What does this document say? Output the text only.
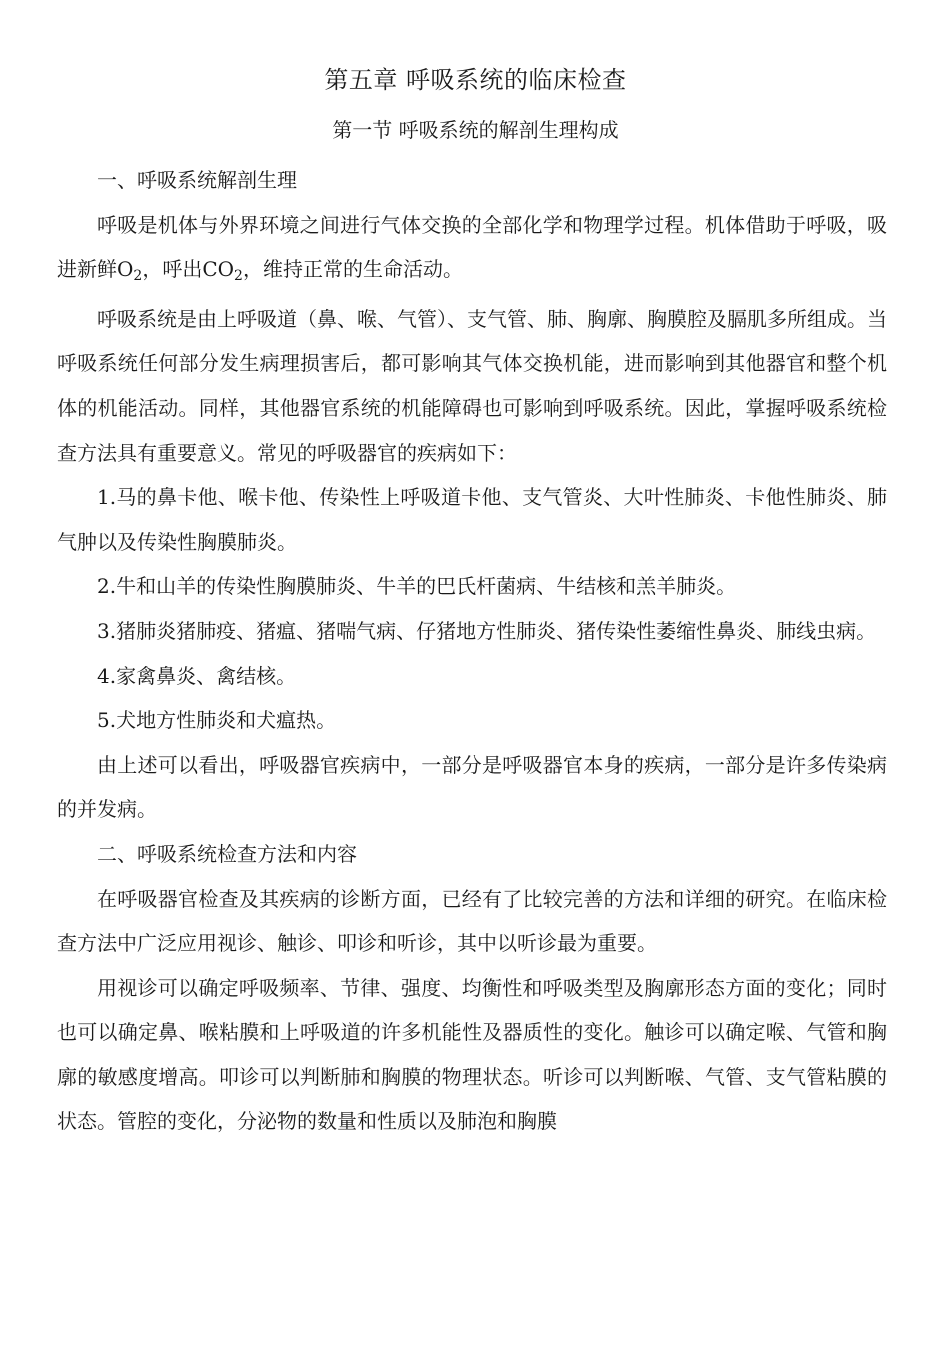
第五章 呼吸系统的临床检查
第一节 呼吸系统的解剖生理构成

一、呼吸系统解剖生理

呼吸是机体与外界环境之间进行气体交换的全部化学和物理学过程。机体借助于呼吸，吸进新鲜$O_2$，呼出$CO_2$，维持正常的生命活动。

呼吸系统是由上呼吸道（鼻、喉、气管）、支气管、肺、胸廓、胸膜腔及膈肌多所组成。当呼吸系统任何部分发生病理损害后，都可影响其气体交换机能，进而影响到其他器官和整个机体的机能活动。同样，其他器官系统的机能障碍也可影响到呼吸系统。因此，掌握呼吸系统检查方法具有重要意义。常见的呼吸器官的疾病如下：

1.马的鼻卡他、喉卡他、传染性上呼吸道卡他、支气管炎、大叶性肺炎、卡他性肺炎、肺气肿以及传染性胸膜肺炎。

2.牛和山羊的传染性胸膜肺炎、牛羊的巴氏杆菌病、牛结核和羔羊肺炎。

3.猪肺炎猪肺疫、猪瘟、猪喘气病、仔猪地方性肺炎、猪传染性萎缩性鼻炎、肺线虫病。

4.家禽鼻炎、禽结核。

5.犬地方性肺炎和犬瘟热。

由上述可以看出，呼吸器官疾病中，一部分是呼吸器官本身的疾病，一部分是许多传染病的并发病。

二、呼吸系统检查方法和内容

在呼吸器官检查及其疾病的诊断方面，已经有了比较完善的方法和详细的研究。在临床检查方法中广泛应用视诊、触诊、叩诊和听诊，其中以听诊最为重要。

用视诊可以确定呼吸频率、节律、强度、均衡性和呼吸类型及胸廓形态方面的变化；同时也可以确定鼻、喉粘膜和上呼吸道的许多机能性及器质性的变化。触诊可以确定喉、气管和胸廓的敏感度增高。叩诊可以判断肺和胸膜的物理状态。听诊可以判断喉、气管、支气管粘膜的状态。管腔的变化，分泌物的数量和性质以及肺泡和胸膜
